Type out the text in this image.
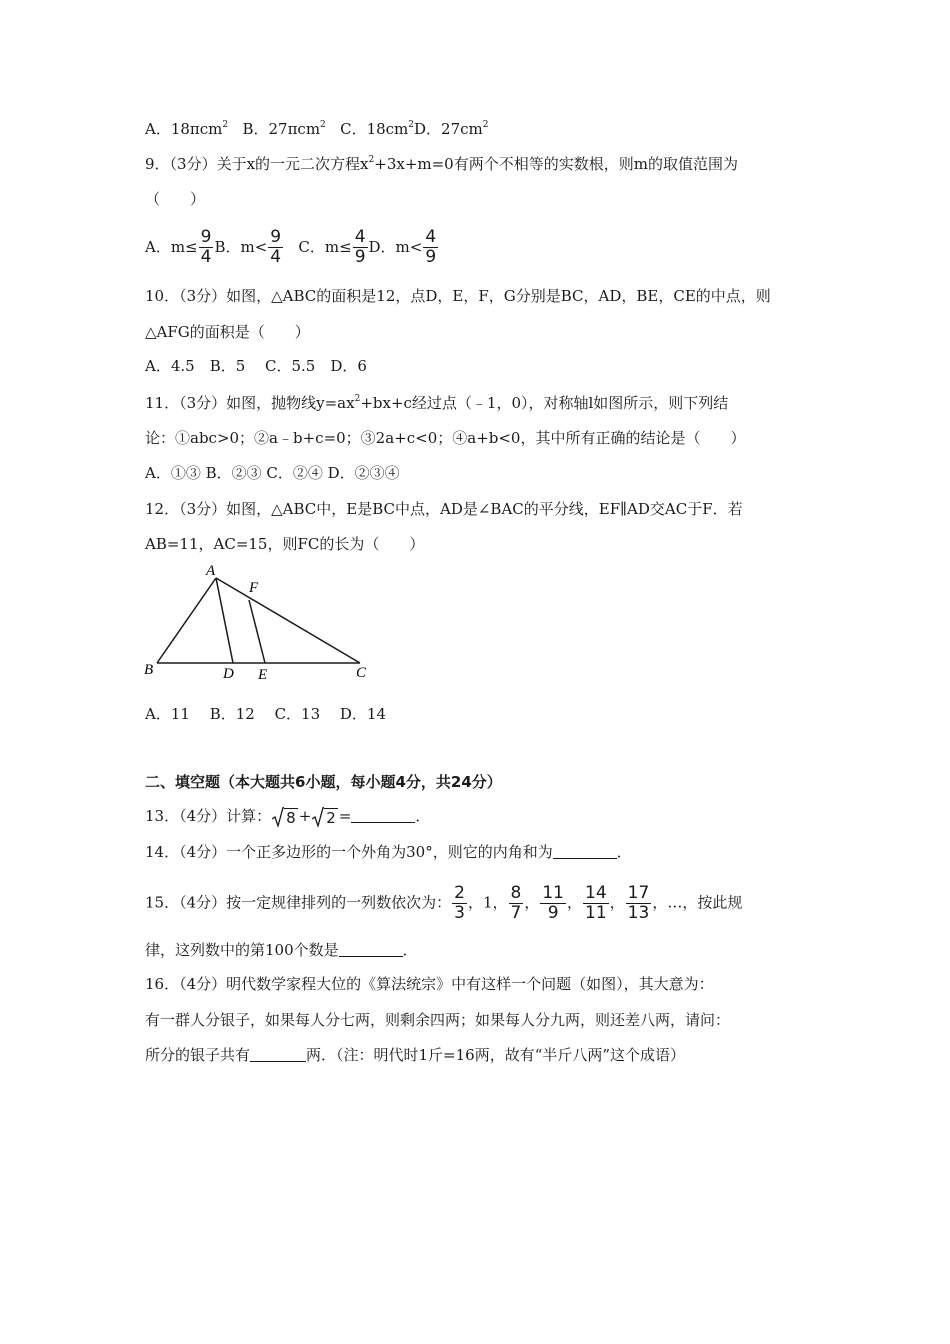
A．18πcm$^2$ B．27πcm$^2$ C．$18cm^2D$．$27cm^2$
9．（3分）关于x的一元二次方程$x^2+3x+m=0$有两个不相等的实数根，则m的取值范围为
（　　）
A．$m\le \frac{9}{4}$ B．$m< \frac{9}{4}$ C．$m\le \frac{4}{9}$ D．$m< \frac{4}{9}$
10．（3分）如图，△ABC的面积是12，点D，E，F，G分别是BC，AD，BE，CE的中点，则
△AFG的面积是（　　）
A．4.5　B．5　 C．5.5　D．6
11．（3分）如图，抛物线$y=ax^2+bx+c$经过点（﹣1，0），对称轴l如图所示，则下列结
论：①abc>0；②a﹣b+c=0；③2a+c<0；④a+b<0，其中所有正确的结论是（　　）
A．①③ B．②③ C．②④ D．②③④
12．（3分）如图，△ABC中，E是BC中点，AD是∠BAC的平分线，EF∥AD交AC于F．若
AB=11，AC=15，则FC的长为（　　）
A
B	C
D E
F
A．11　 B．12　 C．13　 D．14
二、填空题（本大题共6小题，每小题4分，共24分）
13．（4分）计算： 8 + 2 =	．
14．（4分）一个正多边形的一个外角为30°，则它的内角和为	．
15．（4分）按一定规律排列的一列数依次为： $\frac{2}{3}$ ，1， $\frac{8}{7}$ ， $\frac{11}{9}$ ， $\frac{14}{11}$ ， $\frac{17}{13}$ ，…，按此规
律，这列数中的第100个数是	．
16．（4分）明代数学家程大位的《算法统宗》中有这样一个问题（如图），其大意为：
有一群人分银子，如果每人分七两，则剩余四两；如果每人分九两，则还差八两，请问：
所分的银子共有	两．（注：明代时1斤=16两，故有“半斤八两”这个成语）
